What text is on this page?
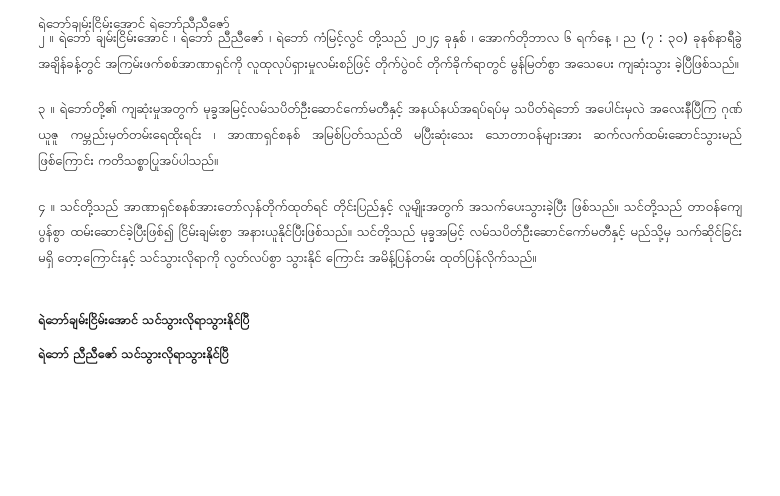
ရဲဘော်ချမ်းငြိမ်းအောင် ရဲဘော်ညီညီဇော်

၂ ။ ရဲဘော် ချမ်းငြိမ်းအောင် ၊ ရဲဘော် ညီညီဇော် ၊ ရဲဘော် ကံမြင့်လွင် တို့သည် ၂၀၂၄ ခုနှစ် ၊ အောက်တိုဘာလ ၆ ရက်နေ့ ၊ ည (၇ : ၃၀) ခုနစ်နာရီခွဲ အချိန်ခန့်တွင် အကြမ်းဖက်စစ်အာဏာရှင်ကို လူထုလုပ်ရှားမှုလမ်းစဉ်ဖြင့် တိုက်ပွဲဝင် တိုက်ခိုက်ရာတွင် မွန်မြတ်စွာ အသေပေး ကျဆုံးသွား ခဲ့ပြီဖြစ်သည်။

၃ ။ ရဲဘော်တို့၏ ကျဆုံးမှုအတွက် မုခ္ခအမြင့်လမ်သပိတ်ဦးဆောင်ကော်မတီနှင့် အနယ်နယ်အရပ်ရပ်မှ သပိတ်ရဲဘော် အပေါင်းမှလဲ အလေးနီပြီကြ ဂုဏ်ယူဇူ ကမ္ဘည်းမှတ်တမ်းရေထိုးရင်း ၊ အာဏာရှင်စနစ် အမြစ်ပြတ်သည်ထိ မပြီးဆုံးသေး သောတာဝန်များအား ဆက်လက်ထမ်းဆောင်သွားမည်ဖြစ်ကြောင်း ကတိသစ္စာပြုအပ်ပါသည်။

၄ ။ သင်တို့သည် အာဏာရှင်စနစ်အားတော်လှန်တိုက်ထုတ်ရင် တိုင်းပြည်နှင့် လူမျိုးအတွက် အသက်ပေးသွားခဲ့ပြီး ဖြစ်သည်။ သင်တို့သည် တာဝန်ကျေပွန်စွာ ထမ်းဆောင်ခဲ့ပြီးဖြစ်၍ ငြိမ်းချမ်းစွာ အနားယူနိုင်ပြီးဖြစ်သည်။ သင်တို့သည် မုခ္ခအမြင့် လမ်သပိတ်ဦးဆောင်ကော်မတီနှင့် မည်သို့မှ သက်ဆိုင်ခြင်း မရှိ တော့ကြောင်းနှင့် သင်သွားလိုရာကို လွတ်လပ်စွာ သွားနိုင် ကြောင်း အမိန့်ပြန်တမ်း ထုတ်ပြန်လိုက်သည်။

ရဲဘော်ချမ်းငြိမ်းအောင် သင်သွားလိုရာသွားနိုင်ပြီ

ရဲဘော် ညီညီဇော် သင်သွားလိုရာသွားနိုင်ပြီ
